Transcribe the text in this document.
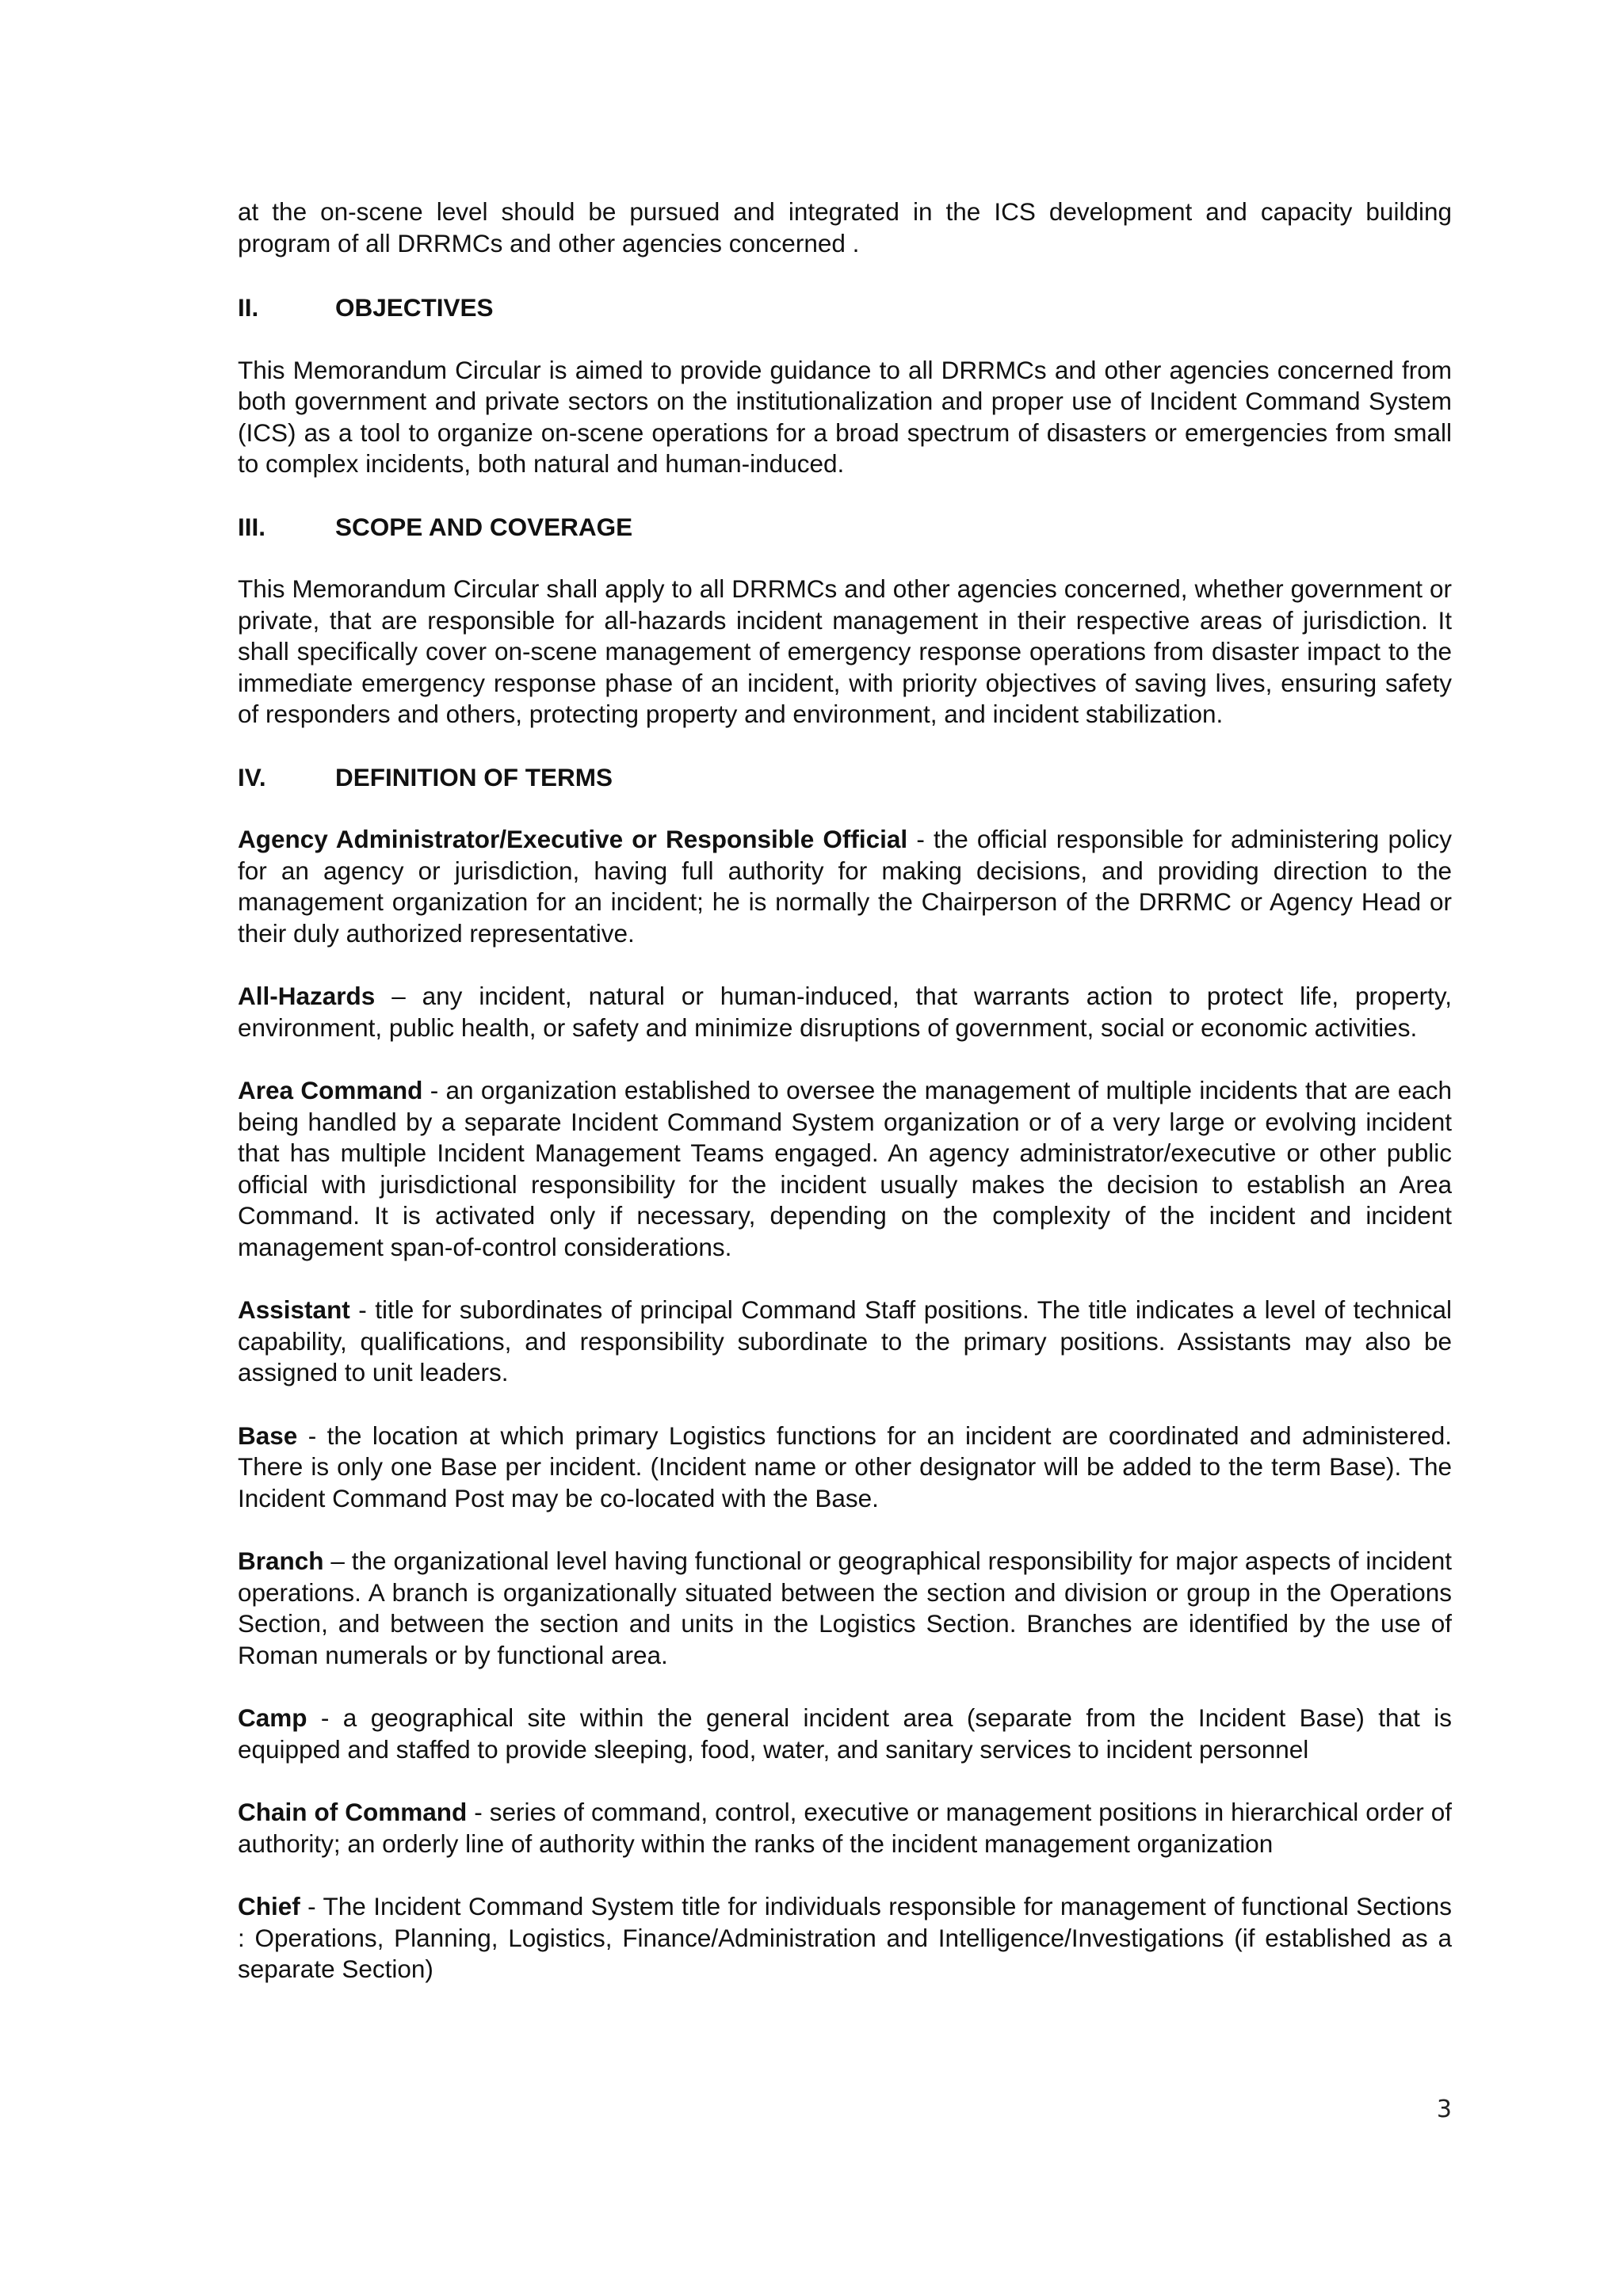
at the on-scene level should be pursued and integrated in the ICS development and capacity building program of all DRRMCs and other agencies concerned .

II.	OBJECTIVES

This Memorandum Circular is aimed to provide guidance to all DRRMCs and other agencies concerned from both government and private sectors on the institutionalization and proper use of Incident Command System (ICS) as a tool to organize on-scene operations for a broad spectrum of disasters or emergencies from small to complex incidents, both natural and human-induced.

III.	SCOPE AND COVERAGE

This Memorandum Circular shall apply to all DRRMCs and other agencies concerned, whether government or private, that are responsible for all-hazards incident management in their respective areas of jurisdiction. It shall specifically cover on-scene management of emergency response operations from disaster impact to the immediate emergency response phase of an incident, with priority objectives of saving lives, ensuring safety of responders and others, protecting property and environment, and incident stabilization.

IV.	DEFINITION OF TERMS

Agency Administrator/Executive or Responsible Official - the official responsible for administering policy for an agency or jurisdiction, having full authority for making decisions, and providing direction to the management organization for an incident; he is normally the Chairperson of the DRRMC or Agency Head or their duly authorized representative.

All-Hazards – any incident, natural or human-induced, that warrants action to protect life, property, environment, public health, or safety and minimize disruptions of government, social or economic activities.

Area Command - an organization established to oversee the management of multiple incidents that are each being handled by a separate Incident Command System organization or of a very large or evolving incident that has multiple Incident Management Teams engaged. An agency administrator/executive or other public official with jurisdictional responsibility for the incident usually makes the decision to establish an Area Command. It is activated only if necessary, depending on the complexity of the incident and incident management span-of-control considerations.

Assistant - title for subordinates of principal Command Staff positions. The title indicates a level of technical capability, qualifications, and responsibility subordinate to the primary positions. Assistants may also be assigned to unit leaders.

Base - the location at which primary Logistics functions for an incident are coordinated and administered. There is only one Base per incident. (Incident name or other designator will be added to the term Base). The Incident Command Post may be co-located with the Base.

Branch – the organizational level having functional or geographical responsibility for major aspects of incident operations. A branch is organizationally situated between the section and division or group in the Operations Section, and between the section and units in the Logistics Section. Branches are identified by the use of Roman numerals or by functional area.

Camp - a geographical site within the general incident area (separate from the Incident Base) that is equipped and staffed to provide sleeping, food, water, and sanitary services to incident personnel

Chain of Command - series of command, control, executive or management positions in hierarchical order of authority; an orderly line of authority within the ranks of the incident management organization

Chief - The Incident Command System title for individuals responsible for management of functional Sections : Operations, Planning, Logistics, Finance/Administration and Intelligence/Investigations (if established as a separate Section)

3
